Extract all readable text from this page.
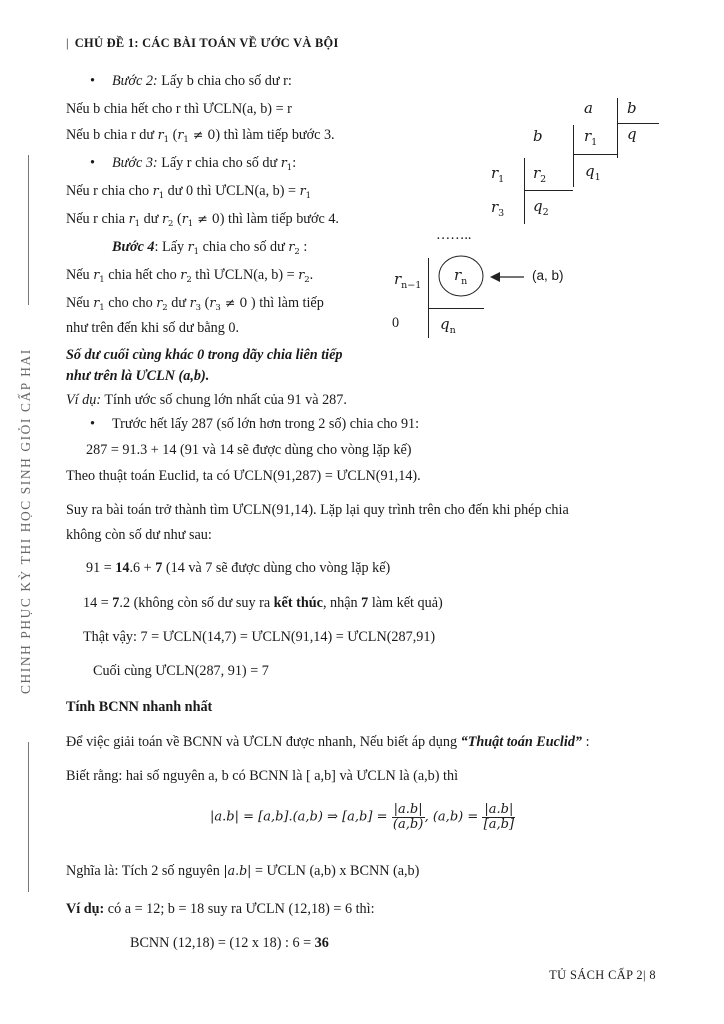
| CHỦ ĐỀ 1: CÁC BÀI TOÁN VỀ ƯỚC VÀ BỘI
CHINH PHỤC KỲ THI HỌC SINH GIỎI CẤP HAI
• Bước 2: Lấy b chia cho số dư r:
Nếu b chia hết cho r thì ƯCLN(a, b) = r
Nếu b chia r dư $r_1$ $(r_1 \ne 0)$ thì làm tiếp bước 3.
• Bước 3: Lấy r chia cho số dư $r_1$:
Nếu r chia cho $r_1$ dư 0 thì ƯCLN(a, $b) = r_1$
Nếu r chia $r_1$ dư $r_2$ $(r_1 \ne 0)$ thì làm tiếp bước 4.
Bước 4: Lấy $r_1$ chia cho số dư $r_2$ :
Nếu $r_1$ chia hết cho $r_2$ thì ƯCLN(a, $b) = r_2$.
Nếu $r_1$ cho cho $r_2$ dư $r_3$ ($r_3 \ne 0$ ) thì làm tiếp
như trên đến khi số dư bằng 0.
Số dư cuối cùng khác 0 trong dãy chia liên tiếp
như trên là ƯCLN (a,b).
a b
b	$r_1$ q
$r_1$ $r_2$	$q_1$
$r_3$ $q_2$
……..
$r_{n-1}$
$r_n$	(a, b)
0	$q_n$
Ví dụ: Tính ước số chung lớn nhất của 91 và 287.
• Trước hết lấy 287 (số lớn hơn trong 2 số) chia cho 91:
287 = 91.3 + 14 (91 và 14 sẽ được dùng cho vòng lặp kế)
Theo thuật toán Euclid, ta có ƯCLN(91,287) = ƯCLN(91,14).
Suy ra bài toán trở thành tìm ƯCLN(91,14). Lặp lại quy trình trên cho đến khi phép chia
không còn số dư như sau:
91 = 14.6 + 7 (14 và 7 sẽ được dùng cho vòng lặp kế)
14 = 7.2 (không còn số dư suy ra kết thúc, nhận 7 làm kết quả)
Thật vậy: 7 = ƯCLN(14,7) = ƯCLN(91,14) = ƯCLN(287,91)
Cuối cùng ƯCLN(287, 91) = 7
Tính BCNN nhanh nhất
Để việc giải toán về BCNN và ƯCLN được nhanh, Nếu biết áp dụng “Thuật toán Euclid” :
Biết rằng: hai số nguyên a, b có BCNN là [ a,b] và ƯCLN là (a,b) thì
|a.b| = [a,b].(a,b) ⇒ $[a,b] = \frac{|a.b|}{(a,b)}$ , $(a,b) = \frac{|a.b|}{[a,b]}$
Nghĩa là: Tích 2 số nguyên |a.b| = ƯCLN (a,b) x BCNN (a,b)
Ví dụ: có a = 12; b = 18 suy ra ƯCLN (12,18) = 6 thì:
BCNN (12,18) = (12 x 18) : 6 = 36
TỦ SÁCH CẤP 2| 8
